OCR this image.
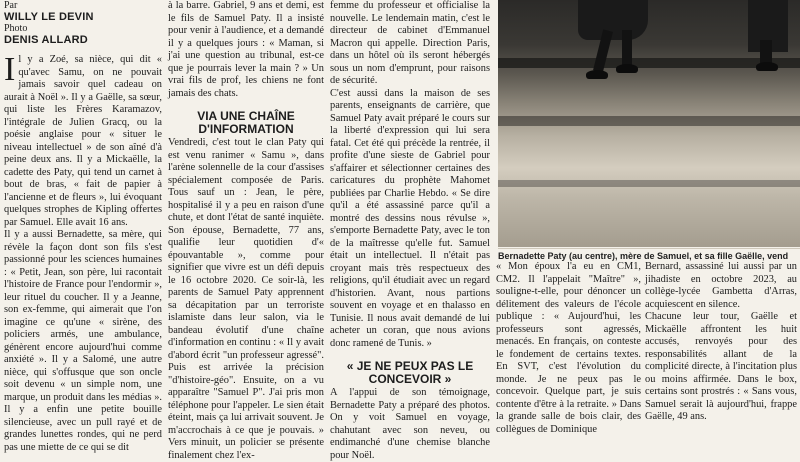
Par
WILLY LE DEVIN
Photo
DENIS ALLARD

Il y a Zoé, sa nièce, qui dit « qu'avec Samu, on ne pouvait jamais savoir quel cadeau on aurait à Noël ». Il y a Gaëlle, sa sœur, qui liste les Frères Karamazov, l'intégrale de Julien Gracq, ou la poésie anglaise pour « situer le niveau intellectuel » de son aîné d'à peine deux ans. Il y a Mickaëlle, la cadette des Paty, qui tend un carnet à bout de bras, « fait de papier à l'ancienne et de fleurs », lui évoquant quelques strophes de Kipling offertes par Samuel. Elle avait 16 ans.

Il y a aussi Bernadette, sa mère, qui révèle la façon dont son fils s'est passionné pour les sciences humaines : « Petit, Jean, son père, lui racontait l'histoire de France pour l'endormir », leur rituel du coucher. Il y a Jeanne, son ex-femme, qui aimerait que l'on imagine ce qu'une « sirène, des policiers armés, une ambulance, génèrent encore aujourd'hui comme anxiété ». Il y a Salomé, une autre nièce, qui s'offusque que son oncle soit devenu « un simple nom, une marque, un produit dans les médias ». Il y a enfin une petite bouille silencieuse, avec un pull rayé et de grandes lunettes rondes, qui ne perd pas une miette de ce qui se dit

à la barre. Gabriel, 9 ans et demi, est le fils de Samuel Paty. Il a insisté pour venir à l'audience, et a demandé il y a quelques jours : « Maman, si j'ai une question au tribunal, est-ce que je pourrais lever la main ? » Un vrai fils de prof, les chiens ne font jamais des chats.

VIA UNE CHAÎNE D'INFORMATION

Vendredi, c'est tout le clan Paty qui est venu ranimer « Samu », dans l'arène solennelle de la cour d'assises spécialement composée de Paris. Tous sauf un : Jean, le père, hospitalisé il y a peu en raison d'une chute, et dont l'état de santé inquiète. Son épouse, Bernadette, 77 ans, qualifie leur quotidien d'« épouvantable », comme pour signifier que vivre est un défi depuis le 16 octobre 2020. Ce soir-là, les parents de Samuel Paty apprennent sa décapitation par un terroriste islamiste dans leur salon, via le bandeau évolutif d'une chaîne d'information en continu : « Il y avait d'abord écrit "un professeur agressé". Puis est arrivée la précision "d'histoire-géo". Ensuite, on a vu apparaître "Samuel P". J'ai pris mon téléphone pour l'appeler. Le sien était éteint, mais ça lui arrivait souvent. Je m'accrochais à ce que je pouvais. » Vers minuit, un policier se présente finalement chez l'ex-

femme du professeur et officialise la nouvelle. Le lendemain matin, c'est le directeur de cabinet d'Emmanuel Macron qui appelle. Direction Paris, dans un hôtel où ils seront hébergés sous un nom d'emprunt, pour raisons de sécurité.

C'est aussi dans la maison de ses parents, enseignants de carrière, que Samuel Paty avait préparé le cours sur la liberté d'expression qui lui sera fatal. Cet été qui précède la rentrée, il profite d'une sieste de Gabriel pour s'affairer et sélectionner certaines des caricatures du prophète Mahomet publiées par Charlie Hebdo. « Se dire qu'il a été assassiné parce qu'il a montré des dessins nous révulse », s'emporte Bernadette Paty, avec le ton de la maîtresse qu'elle fut. Samuel était un intellectuel. Il n'était pas croyant mais très respectueux des religions, qu'il étudiait avec un regard d'historien. Avant, nous partions souvent en voyage et en thalasso en Tunisie. Il nous avait demandé de lui acheter un coran, que nous avions donc ramené de Tunis. »

« JE NE PEUX PAS LE CONCEVOIR »

A l'appui de son témoignage, Bernadette Paty a préparé des photos. On y voit Samuel en voyage, chahutant avec son neveu, ou endimanché d'une chemise blanche pour Noël.

Bernadette Paty (au centre), mère de Samuel, et sa fille Gaëlle, vend

« Mon époux l'a eu en CM1, CM2. Il l'appelait "Maître" », souligne-t-elle, pour dénoncer un délitement des valeurs de l'école publique : « Aujourd'hui, les professeurs sont agressés, menacés. En français, on conteste le fondement de certains textes. En SVT, c'est l'évolution du monde. Je ne peux pas le concevoir. Quelque part, je suis contente d'être à la retraite. » Dans la grande salle de bois clair, des collègues de Dominique

Bernard, assassiné lui aussi par un jihadiste en octobre 2023, au collège-lycée Gambetta d'Arras, acquiescent en silence.

Chacune leur tour, Gaëlle et Mickaëlle affrontent les huit accusés, renvoyés pour des responsabilités allant de la complicité directe, à l'incitation plus ou moins affirmée. Dans le box, certains sont prostrés : « Sans vous, Samuel serait là aujourd'hui, frappe Gaëlle, 49 ans.
